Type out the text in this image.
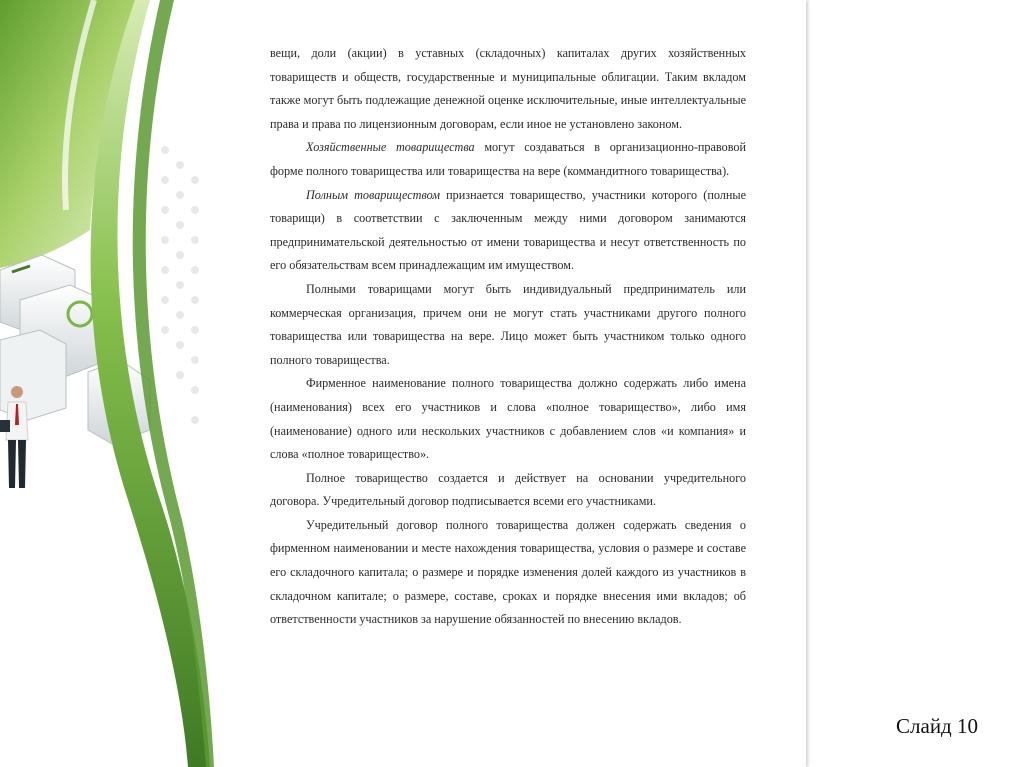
вещи, доли (акции) в уставных (складочных) капиталах других хозяйственных товариществ и обществ, государственные и муниципальные облигации. Таким вкладом также могут быть подлежащие денежной оценке исключительные, иные интеллектуальные права и права по лицензионным договорам, если иное не установлено законом.

Хозяйственные товарищества могут создаваться в организационно-правовой форме полного товарищества или товарищества на вере (коммандитного товарищества).

Полным товариществом признается товарищество, участники которого (полные товарищи) в соответствии с заключенным между ними договором занимаются предпринимательской деятельностью от имени товарищества и несут ответственность по его обязательствам всем принадлежащим им имуществом.

Полными товарищами могут быть индивидуальный предприниматель или коммерческая организация, причем они не могут стать участниками другого полного товарищества или товарищества на вере. Лицо может быть участником только одного полного товарищества.

Фирменное наименование полного товарищества должно содержать либо имена (наименования) всех его участников и слова «полное товарищество», либо имя (наименование) одного или нескольких участников с добавлением слов «и компания» и слова «полное товарищество».

Полное товарищество создается и действует на основании учредительного договора. Учредительный договор подписывается всеми его участниками.

Учредительный договор полного товарищества должен содержать сведения о фирменном наименовании и месте нахождения товарищества, условия о размере и составе его складочного капитала; о размере и порядке изменения долей каждого из участников в складочном капитале; о размере, составе, сроках и порядке внесения ими вкладов; об ответственности участников за нарушение обязанностей по внесению вкладов.

Слайд 10
